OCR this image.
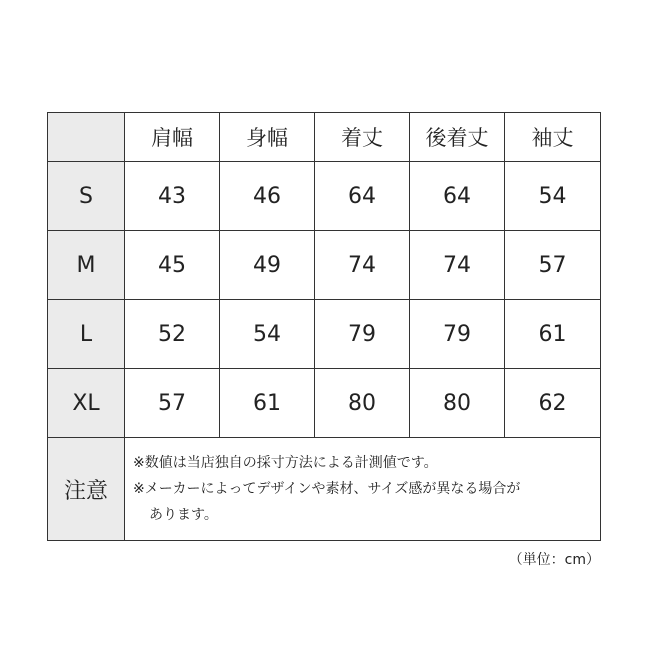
	肩幅	身幅	着丈	後着丈	袖丈
S	43	46	64	64	54
M	45	49	74	74	57
L	52	54	79	79	61
XL	57	61	80	80	62
注意	※数値は当店独自の採寸方法による計測値です。
※メーカーによってデザインや素材、サイズ感が異なる場合が
あります。				
（単位：cm）
